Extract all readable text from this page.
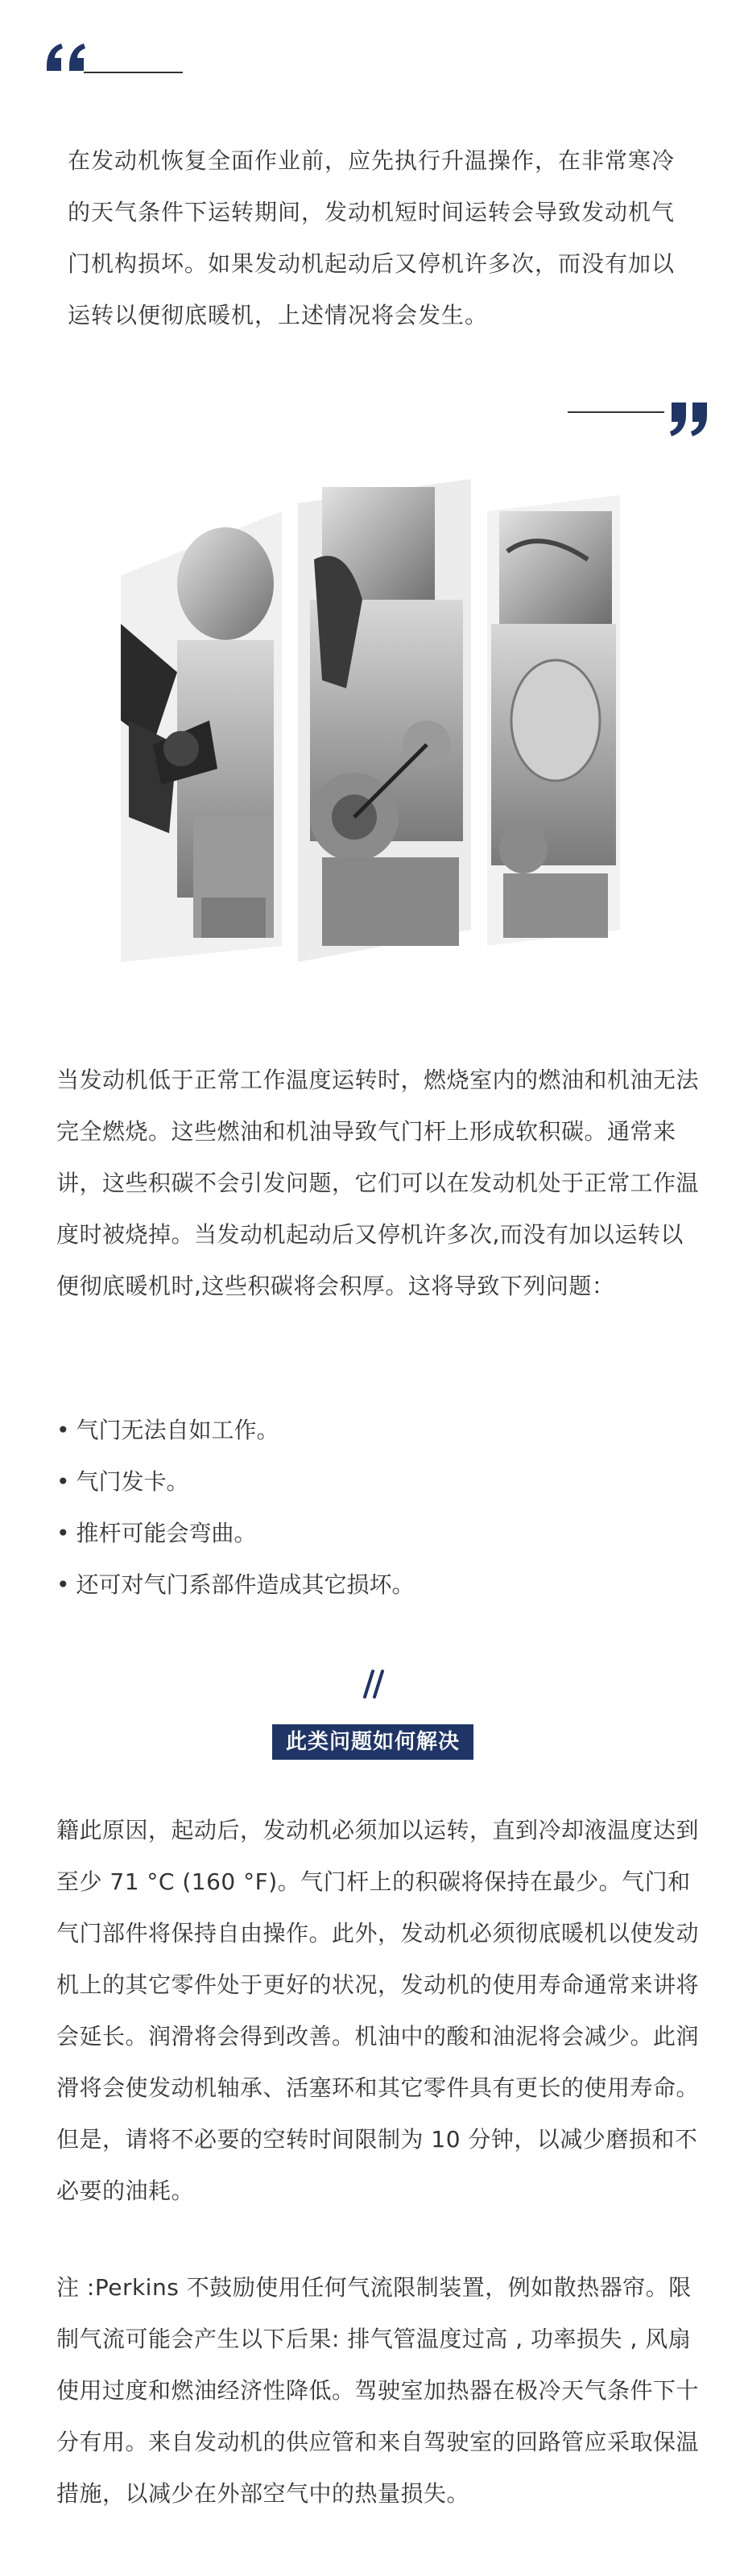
在发动机恢复全面作业前，应先执行升温操作，在非常寒冷的天气条件下运转期间，发动机短时间运转会导致发动机气门机构损坏。如果发动机起动后又停机许多次，而没有加以运转以便彻底暖机，上述情况将会发生。

当发动机低于正常工作温度运转时，燃烧室内的燃油和机油无法完全燃烧。这些燃油和机油导致气门杆上形成软积碳。通常来讲，这些积碳不会引发问题，它们可以在发动机处于正常工作温度时被烧掉。当发动机起动后又停机许多次,而没有加以运转以便彻底暖机时,这些积碳将会积厚。这将导致下列问题：

• 气门无法自如工作。
• 气门发卡。
• 推杆可能会弯曲。
• 还可对气门系部件造成其它损坏。
此类问题如何解决

籍此原因，起动后，发动机必须加以运转，直到冷却液温度达到至少 71 °C (160 °F)。气门杆上的积碳将保持在最少。气门和气门部件将保持自由操作。此外，发动机必须彻底暖机以使发动机上的其它零件处于更好的状况，发动机的使用寿命通常来讲将会延长。润滑将会得到改善。机油中的酸和油泥将会减少。此润滑将会使发动机轴承、活塞环和其它零件具有更长的使用寿命。但是，请将不必要的空转时间限制为 10 分钟，以减少磨损和不必要的油耗。

注 :Perkins 不鼓励使用任何气流限制装置，例如散热器帘。限制气流可能会产生以下后果: 排气管温度过高 , 功率损失 , 风扇使用过度和燃油经济性降低。驾驶室加热器在极冷天气条件下十分有用。来自发动机的供应管和来自驾驶室的回路管应采取保温措施，以减少在外部空气中的热量损失。
